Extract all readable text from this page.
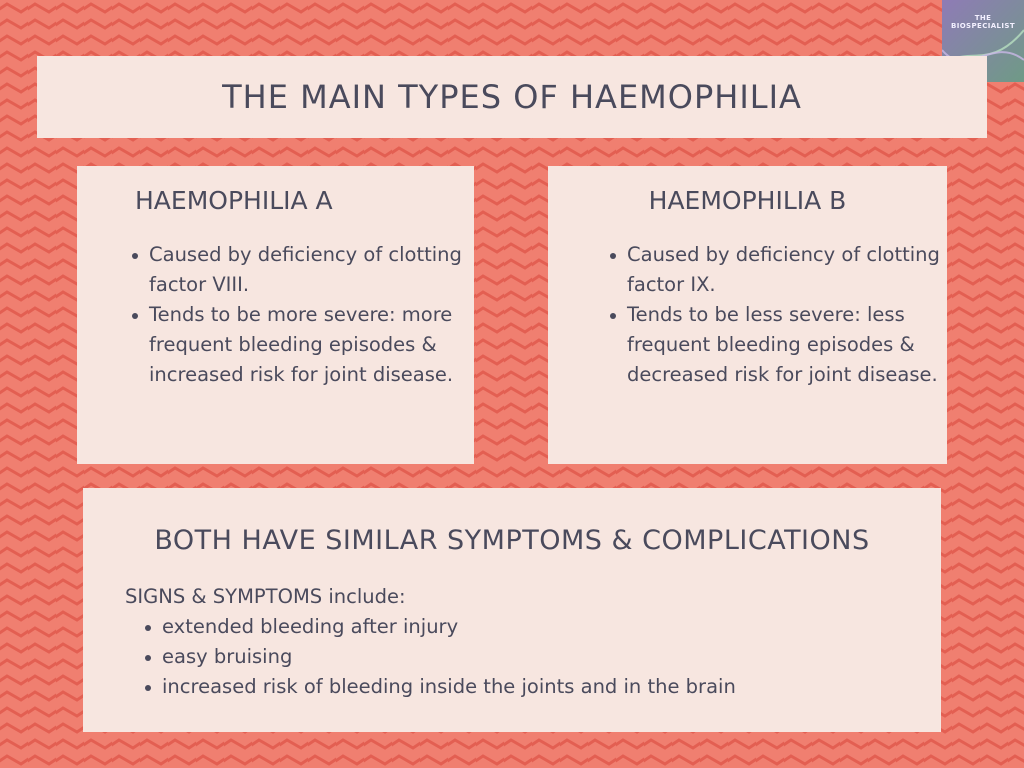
THE
BIOSPECIALIST
THE MAIN TYPES OF HAEMOPHILIA
HAEMOPHILIA A
Caused by deficiency of clotting factor VIII.
Tends to be more severe: more frequent bleeding episodes & increased risk for joint disease.
HAEMOPHILIA B
Caused by deficiency of clotting factor IX.
Tends to be less severe: less frequent bleeding episodes & decreased risk for joint disease.
BOTH HAVE SIMILAR SYMPTOMS & COMPLICATIONS

SIGNS & SYMPTOMS include:

extended bleeding after injury
easy bruising
increased risk of bleeding inside the joints and in the brain
